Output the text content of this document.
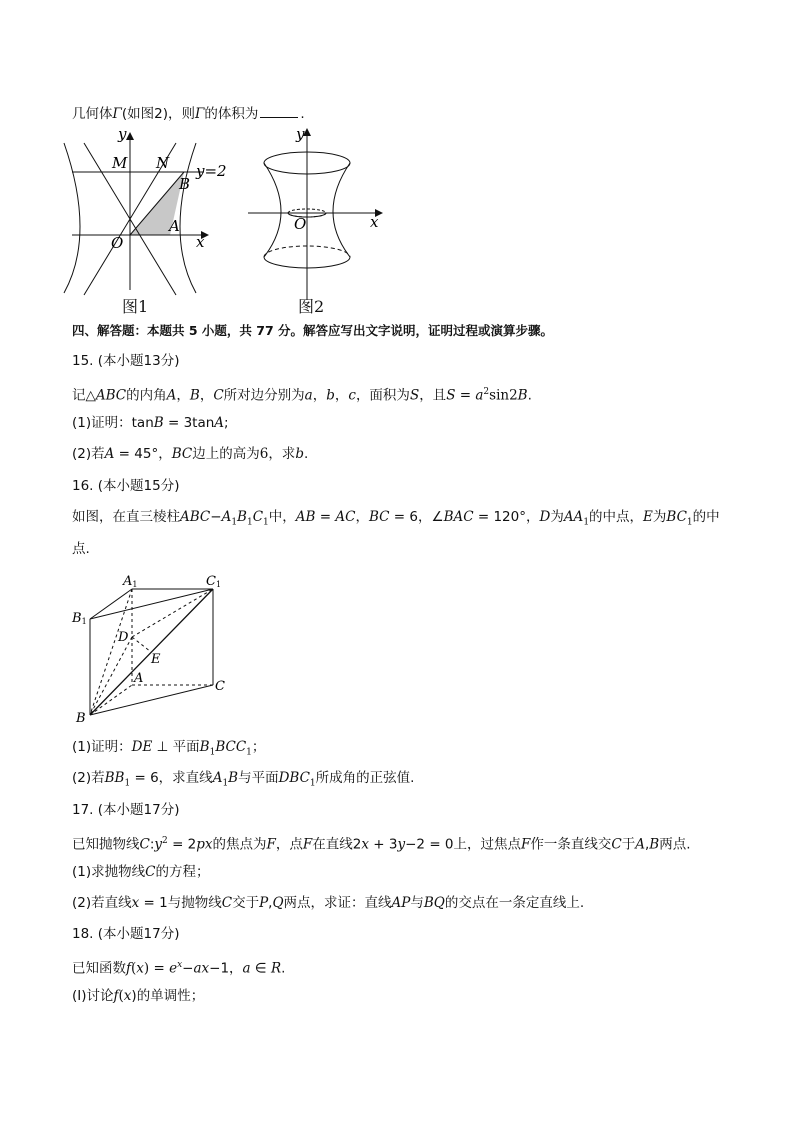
几何体Γ(如图2)，则Γ的体积为	.
y
M N y=2
B
A
O	x
图1
y
O	x
图2
四、解答题：本题共 5 小题，共 77 分。解答应写出文字说明，证明过程或演算步骤。
15. (本小题13分)
记△ABC的内角A，B，C所对边分别为a，b，c，面积为S，且$S = a^2\sin 2B$.
(1)证明：tanB = 3tanA;
(2)若A = 45°，BC边上的高为6，求b.
16. (本小题15分)
如图，在直三棱柱$ABC-A_1B_1C_1$中，AB = AC，BC = 6，∠BAC = 120°，D为$AA_1$的中点，E为$BC_1$的中
点.
A1	C1
B1
D
E
A
C
B
(1)证明：DE ⊥ 平面$B_1BCC_1$；
(2)若$BB_1 = 6$，求直线$A_1B$与平面$DBC_1$所成角的正弦值.
17. (本小题17分)
已知抛物线$C:y^2 = 2px$的焦点为F，点F在直线2x + 3y−2 = 0上，过焦点F作一条直线交C于A,B两点.
(1)求抛物线C的方程；
(2)若直线x = 1与抛物线C交于P,Q两点，求证：直线AP与BQ的交点在一条定直线上.
18. (本小题17分)
已知函数$f(x) = e^x-ax-1$，a ∈ R.
(Ⅰ)讨论f(x)的单调性；
